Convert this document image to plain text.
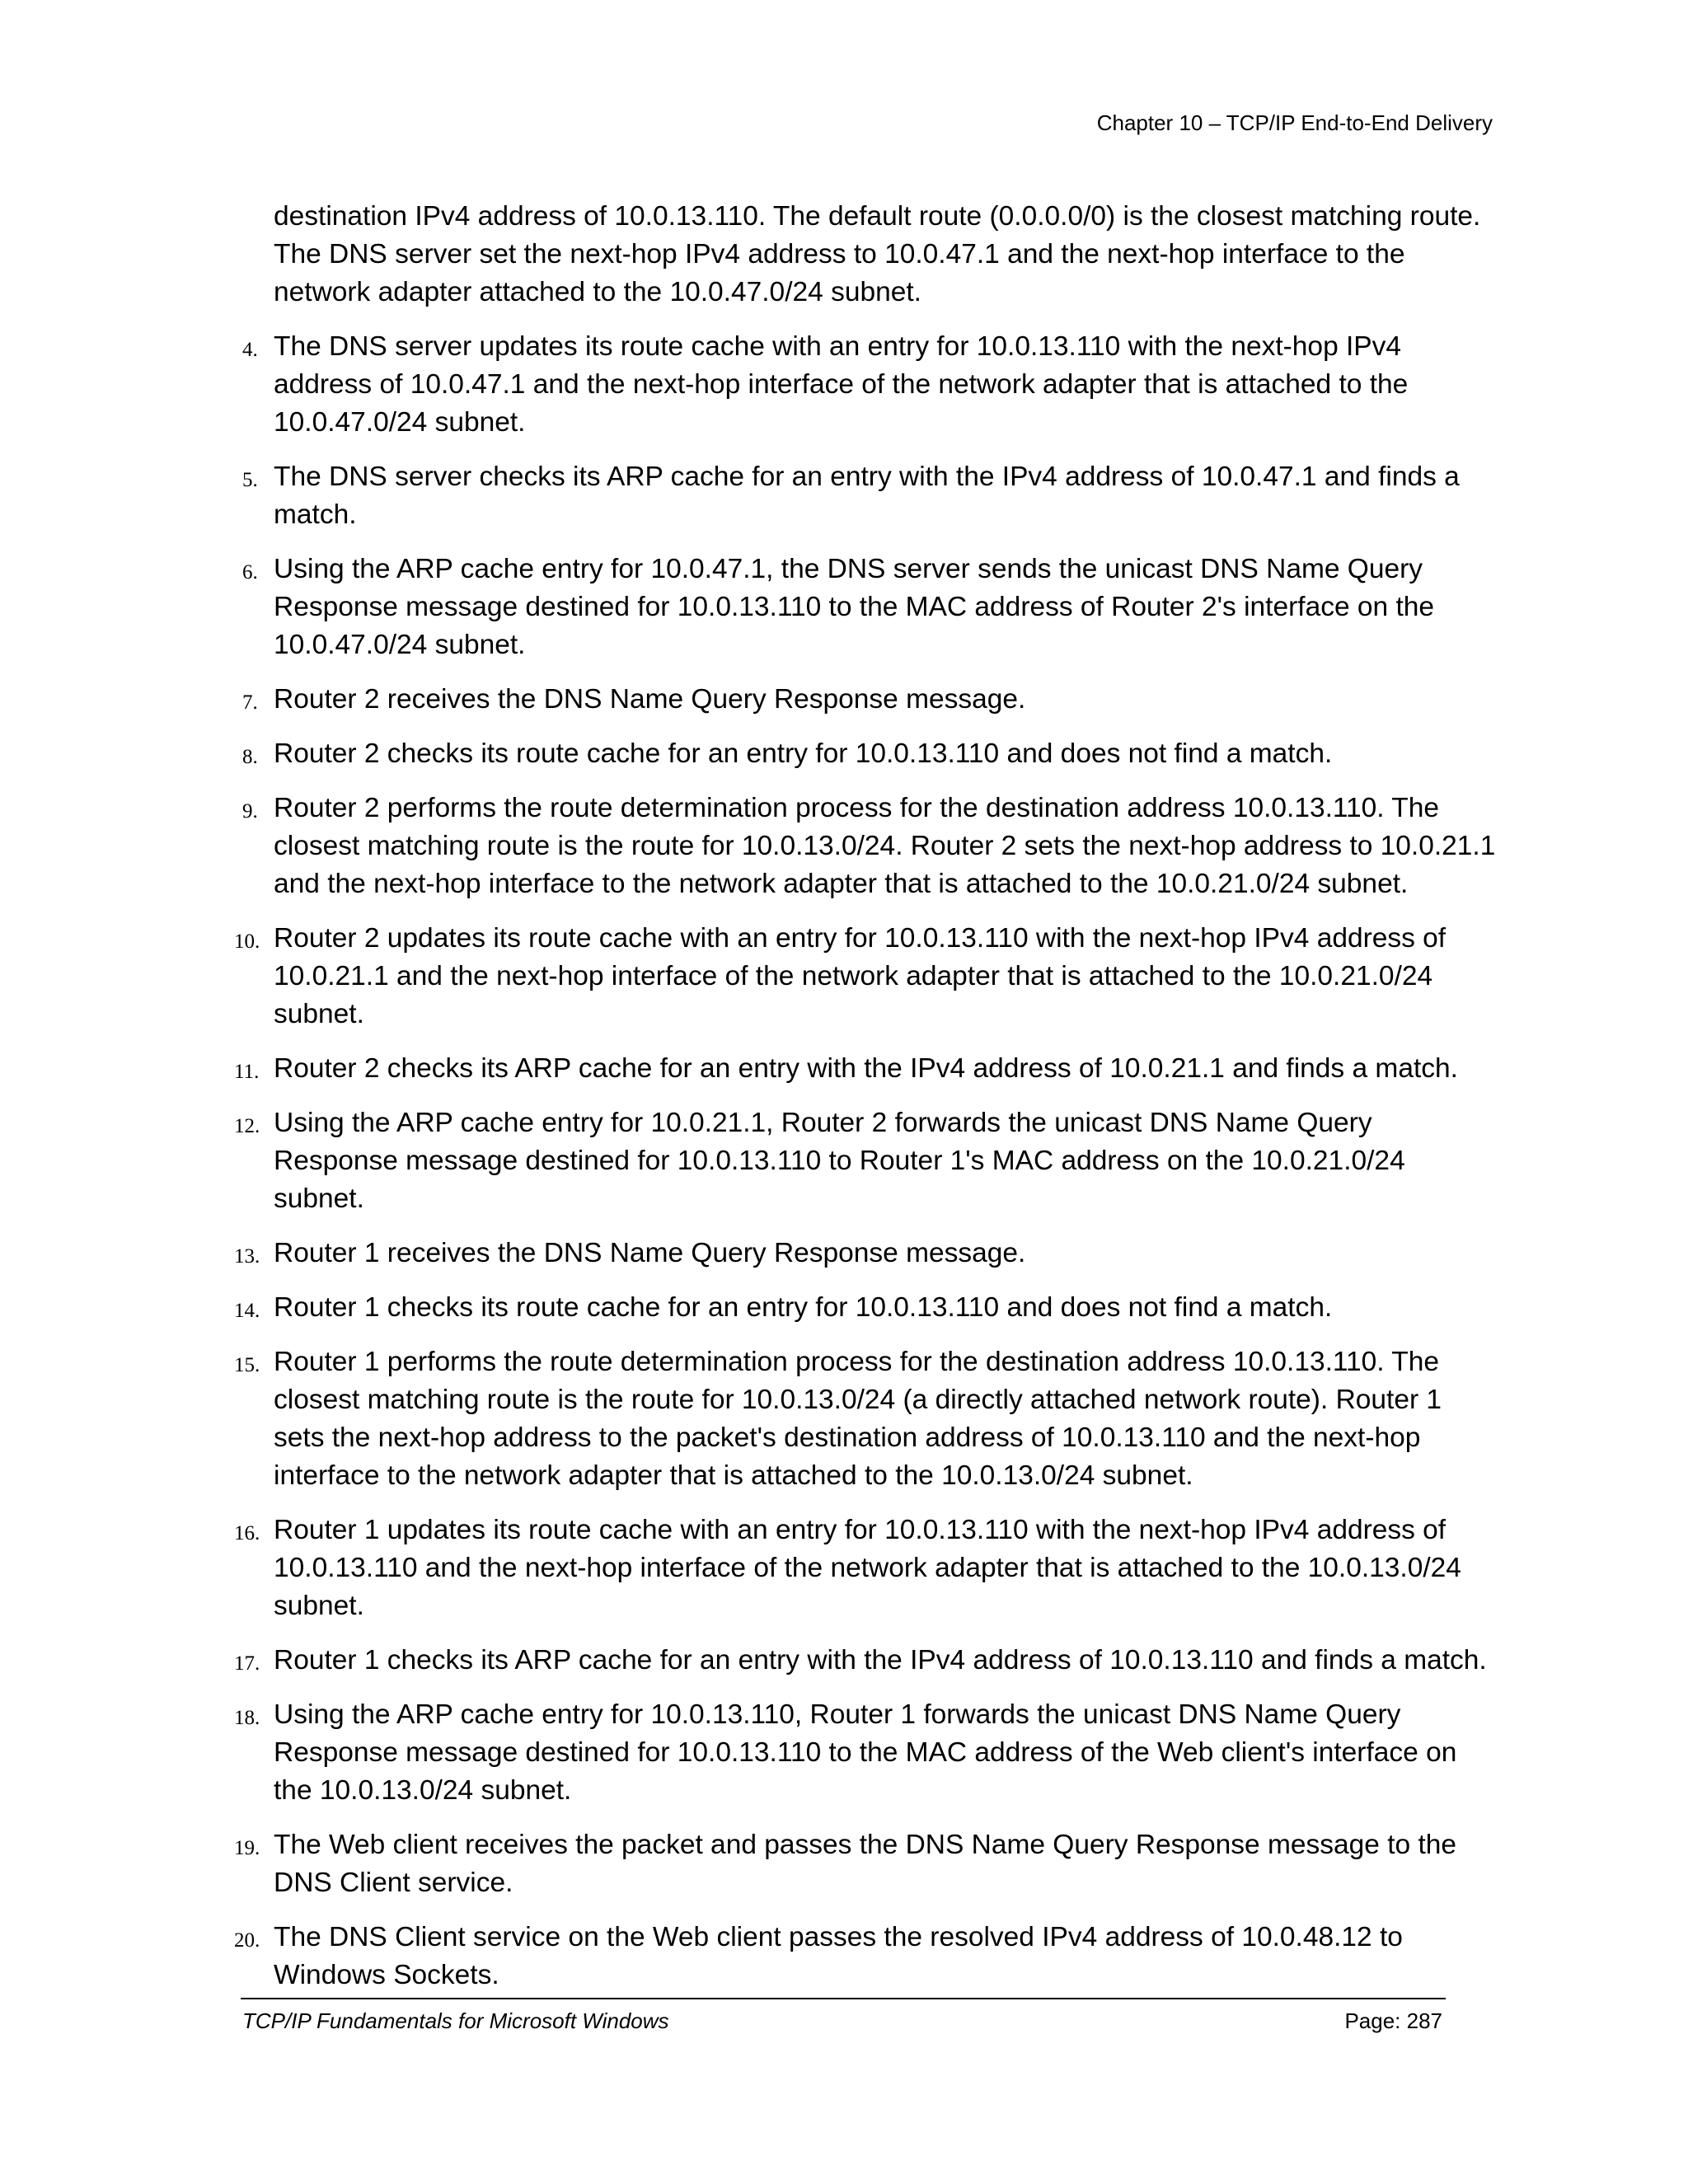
Chapter 10 – TCP/IP End-to-End Delivery

destination IPv4 address of 10.0.13.110. The default route (0.0.0.0/0) is the closest matching route. The DNS server set the next-hop IPv4 address to 10.0.47.1 and the next-hop interface to the network adapter attached to the 10.0.47.0/24 subnet.

4. The DNS server updates its route cache with an entry for 10.0.13.110 with the next-hop IPv4 address of 10.0.47.1 and the next-hop interface of the network adapter that is attached to the 10.0.47.0/24 subnet.
5. The DNS server checks its ARP cache for an entry with the IPv4 address of 10.0.47.1 and finds a match.
6. Using the ARP cache entry for 10.0.47.1, the DNS server sends the unicast DNS Name Query Response message destined for 10.0.13.110 to the MAC address of Router 2's interface on the 10.0.47.0/24 subnet.
7. Router 2 receives the DNS Name Query Response message.
8. Router 2 checks its route cache for an entry for 10.0.13.110 and does not find a match.
9. Router 2 performs the route determination process for the destination address 10.0.13.110. The closest matching route is the route for 10.0.13.0/24. Router 2 sets the next-hop address to 10.0.21.1 and the next-hop interface to the network adapter that is attached to the 10.0.21.0/24 subnet.
10. Router 2 updates its route cache with an entry for 10.0.13.110 with the next-hop IPv4 address of 10.0.21.1 and the next-hop interface of the network adapter that is attached to the 10.0.21.0/24 subnet.
11. Router 2 checks its ARP cache for an entry with the IPv4 address of 10.0.21.1 and finds a match.
12. Using the ARP cache entry for 10.0.21.1, Router 2 forwards the unicast DNS Name Query Response message destined for 10.0.13.110 to Router 1's MAC address on the 10.0.21.0/24 subnet.
13. Router 1 receives the DNS Name Query Response message.
14. Router 1 checks its route cache for an entry for 10.0.13.110 and does not find a match.
15. Router 1 performs the route determination process for the destination address 10.0.13.110. The closest matching route is the route for 10.0.13.0/24 (a directly attached network route). Router 1 sets the next-hop address to the packet's destination address of 10.0.13.110 and the next-hop interface to the network adapter that is attached to the 10.0.13.0/24 subnet.
16. Router 1 updates its route cache with an entry for 10.0.13.110 with the next-hop IPv4 address of 10.0.13.110 and the next-hop interface of the network adapter that is attached to the 10.0.13.0/24 subnet.
17. Router 1 checks its ARP cache for an entry with the IPv4 address of 10.0.13.110 and finds a match.
18. Using the ARP cache entry for 10.0.13.110, Router 1 forwards the unicast DNS Name Query Response message destined for 10.0.13.110 to the MAC address of the Web client's interface on the 10.0.13.0/24 subnet.
19. The Web client receives the packet and passes the DNS Name Query Response message to the DNS Client service.
20. The DNS Client service on the Web client passes the resolved IPv4 address of 10.0.48.12 to Windows Sockets.
TCP/IP Fundamentals for Microsoft Windows	Page: 287
